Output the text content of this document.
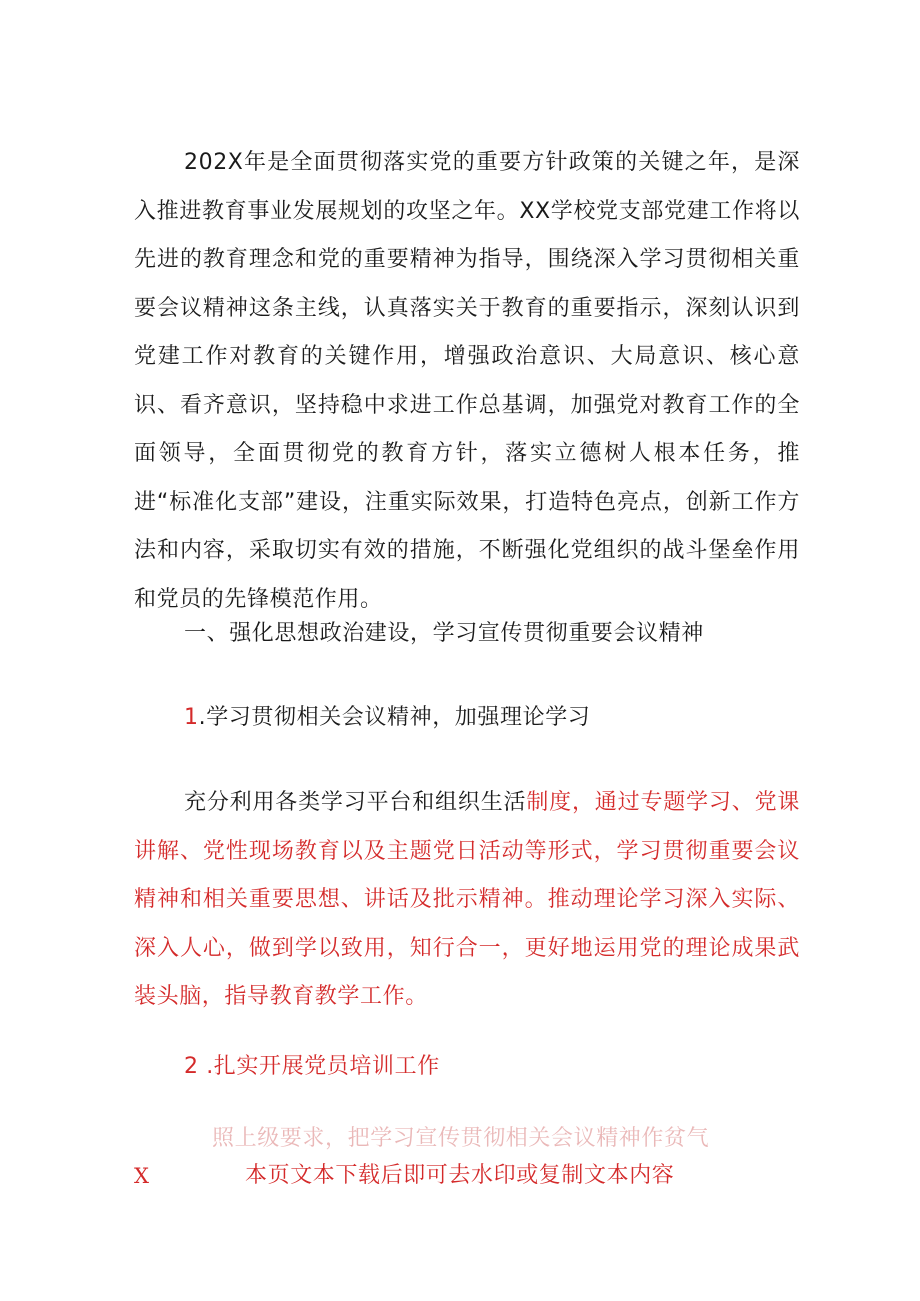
202X年是全面贯彻落实党的重要方针政策的关键之年，是深入推进教育事业发展规划的攻坚之年。XX学校党支部党建工作将以先进的教育理念和党的重要精神为指导，围绕深入学习贯彻相关重要会议精神这条主线，认真落实关于教育的重要指示，深刻认识到党建工作对教育的关键作用，增强政治意识、大局意识、核心意识、看齐意识，坚持稳中求进工作总基调，加强党对教育工作的全面领导，全面贯彻党的教育方针，落实立德树人根本任务，推进“标准化支部”建设，注重实际效果，打造特色亮点，创新工作方法和内容，采取切实有效的措施，不断强化党组织的战斗堡垒作用和党员的先锋模范作用。

一、强化思想政治建设，学习宣传贯彻重要会议精神

1.学习贯彻相关会议精神，加强理论学习

充分利用各类学习平台和组织生活制度，通过专题学习、党课讲解、党性现场教育以及主题党日活动等形式，学习贯彻重要会议精神和相关重要思想、讲话及批示精神。推动理论学习深入实际、深入人心，做到学以致用，知行合一，更好地运用党的理论成果武装头脑，指导教育教学工作。

2 .扎实开展党员培训工作

照上级要求，把学习宣传贯彻相关会议精神作贫气
X	本页文本下载后即可去水印或复制文本内容
